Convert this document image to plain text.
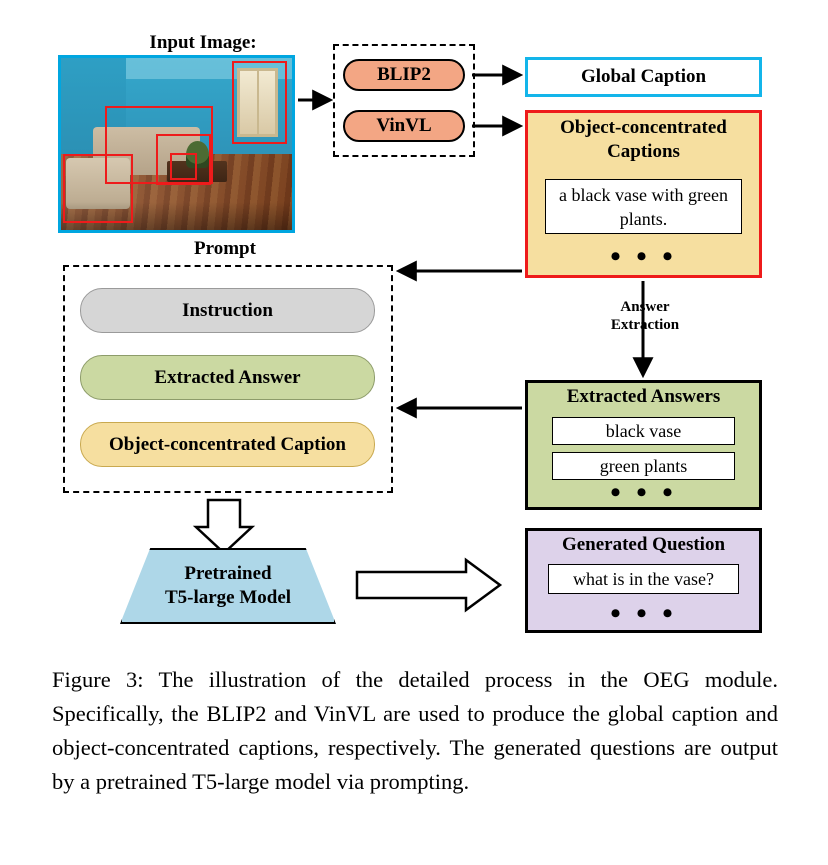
Input Image:
BLIP2
VinVL
Global Caption
Object-concentrated
Captions
a black vase with green plants.
• • •
Answer
Extraction
Extracted Answers
black vase
green plants
• • •
Generated Question
what is in the vase?
• • •
Prompt
Instruction
Extracted Answer
Object-concentrated Caption
Pretrained
T5-large Model
Figure 3: The illustration of the detailed process in the OEG module. Specifically, the BLIP2 and VinVL are used to produce the global caption and object-concentrated captions, respectively. The generated questions are output by a pretrained T5-large model via prompting.
